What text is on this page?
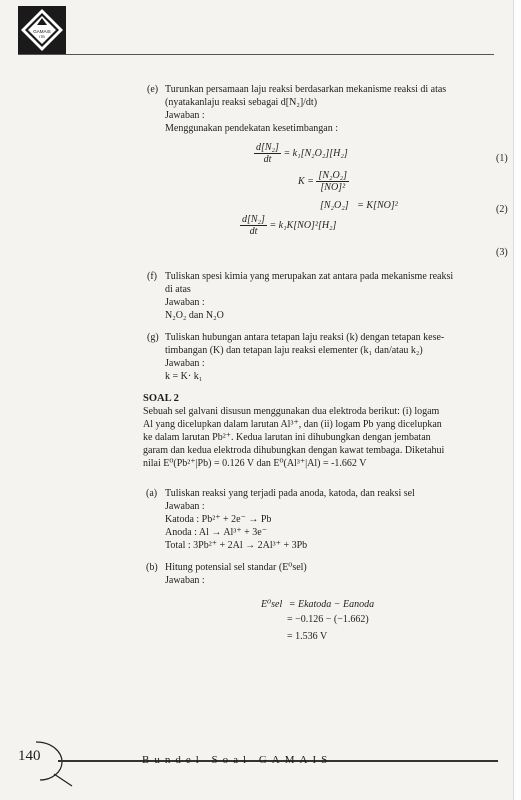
GAMAIS
ITB
(e) Turunkan persamaan laju reaksi berdasarkan mekanisme reaksi di atas
(nyatakanlaju reaksi sebagai d[N₂]/dt)
Jawaban :
Menggunakan pendekatan kesetimbangan :
$\frac{\text{d[N₂]}}{dt} = k_1[N_2O_2][H_2]$	(1)
$K = \frac{\text{[N₂O₂]}}{\text{[NO]²}}$
[N₂O₂] = K[NO]²	(2)
$\frac{\text{d[N₂]}}{dt} = k_1K[NO]^2[H_2]$
(3)
(f) Tuliskan spesi kimia yang merupakan zat antara pada mekanisme reaksi
di atas
Jawaban :
N₂O₂ dan N₂O
(g) Tuliskan hubungan antara tetapan laju reaksi (k) dengan tetapan kese-
timbangan (K) dan tetapan laju reaksi elementer (k₁ dan/atau k₂)
Jawaban :
k = K· k₁
SOAL 2
Sebuah sel galvani disusun menggunakan dua elektroda berikut: (i) logam
Al yang dicelupkan dalam larutan Al³⁺, dan (ii) logam Pb yang dicelupkan
ke dalam larutan Pb²⁺. Kedua larutan ini dihubungkan dengan jembatan
garam dan kedua elektroda dihubungkan dengan kawat tembaga. Diketahui
nilai E⁰(Pb²⁺|Pb) = 0.126 V dan E⁰(Al³⁺|Al) = -1.662 V
(a) Tuliskan reaksi yang terjadi pada anoda, katoda, dan reaksi sel
Jawaban :
Katoda : Pb²⁺ + 2e⁻ → Pb
Anoda : Al → Al³⁺ + 3e⁻
Total : 3Pb²⁺ + 2Al → 2Al³⁺ + 3Pb
(b) Hitung potensial sel standar (E⁰sel)
Jawaban :
E⁰sel = Ekatoda − Eanoda
= −0.126 − (−1.662)
= 1.536 V
140	Bundel Soal GAMAIS
